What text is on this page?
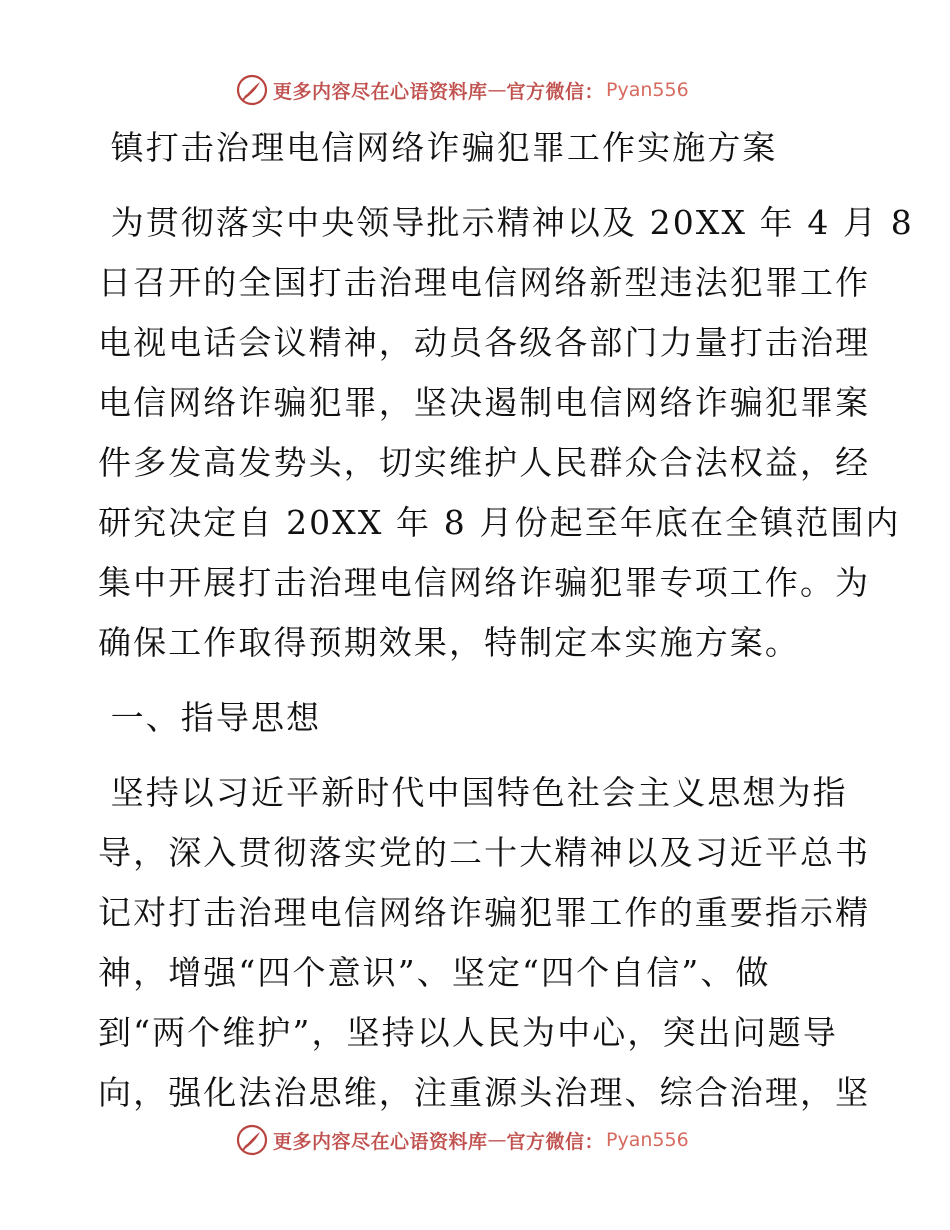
更多内容尽在心语资料库 — 官方微信： Pyan556
镇打击治理电信网络诈骗犯罪工作实施方案
为贯彻落实中央领导批示精神以及 20XX 年 4 月 8
日召开的全国打击治理电信网络新型违法犯罪工作
电视电话会议精神，动员各级各部门力量打击治理
电信网络诈骗犯罪，坚决遏制电信网络诈骗犯罪案
件多发高发势头，切实维护人民群众合法权益，经
研究决定自 20XX 年 8 月份起至年底在全镇范围内
集中开展打击治理电信网络诈骗犯罪专项工作。为
确保工作取得预期效果，特制定本实施方案。
一、指导思想
坚持以习近平新时代中国特色社会主义思想为指
导，深入贯彻落实党的二十大精神以及习近平总书
记对打击治理电信网络诈骗犯罪工作的重要指示精
神，增强“四个意识”、坚定“四个自信”、做
到“两个维护”，坚持以人民为中心，突出问题导
向，强化法治思维，注重源头治理、综合治理，坚
更多内容尽在心语资料库 — 官方微信： Pyan556
